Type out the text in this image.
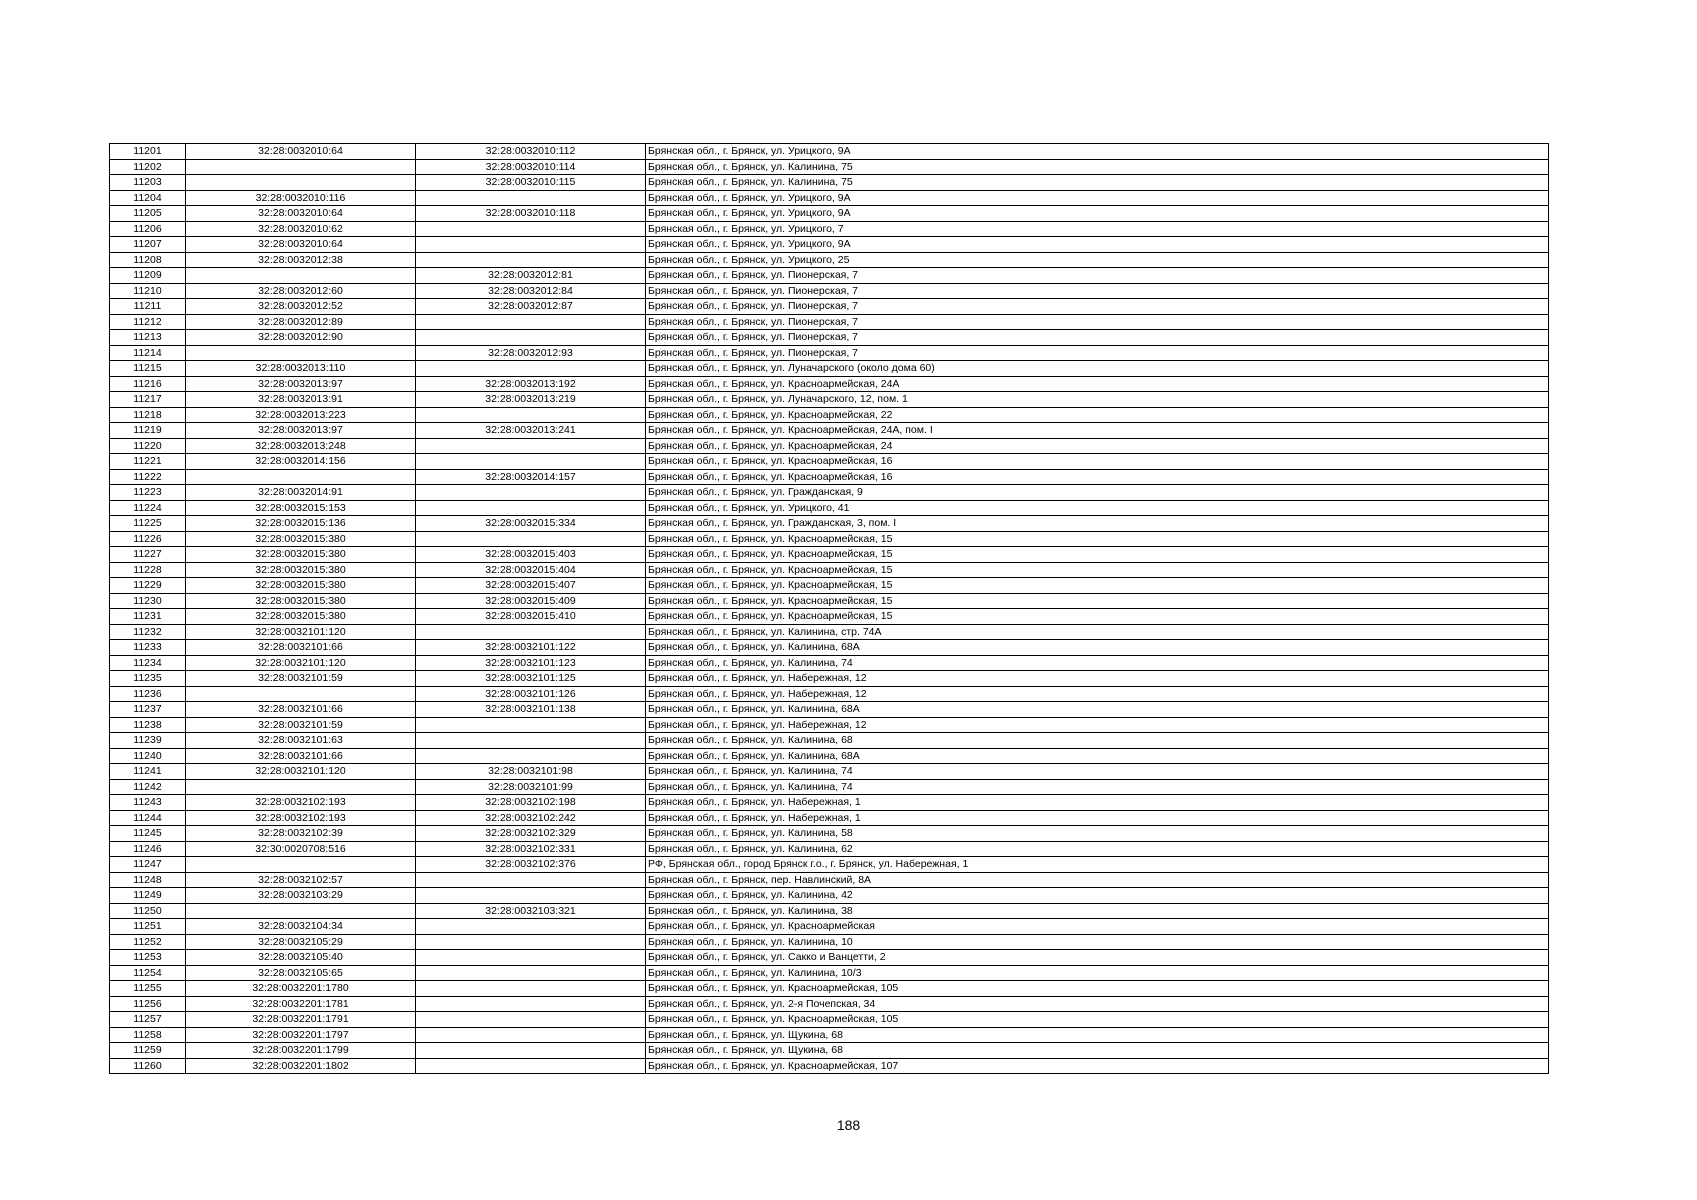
11201	32:28:0032010:64	32:28:0032010:112	Брянская обл., г. Брянск, ул. Урицкого, 9А
11202		32:28:0032010:114	Брянская обл., г. Брянск, ул. Калинина, 75
11203		32:28:0032010:115	Брянская обл., г. Брянск, ул. Калинина, 75
11204	32:28:0032010:116		Брянская обл., г. Брянск, ул. Урицкого, 9А
11205	32:28:0032010:64	32:28:0032010:118	Брянская обл., г. Брянск, ул. Урицкого, 9А
11206	32:28:0032010:62		Брянская обл., г. Брянск, ул. Урицкого, 7
11207	32:28:0032010:64		Брянская обл., г. Брянск, ул. Урицкого, 9А
11208	32:28:0032012:38		Брянская обл., г. Брянск, ул. Урицкого, 25
11209		32:28:0032012:81	Брянская обл., г. Брянск, ул. Пионерская, 7
11210	32:28:0032012:60	32:28:0032012:84	Брянская обл., г. Брянск, ул. Пионерская, 7
11211	32:28:0032012:52	32:28:0032012:87	Брянская обл., г. Брянск, ул. Пионерская, 7
11212	32:28:0032012:89		Брянская обл., г. Брянск, ул. Пионерская, 7
11213	32:28:0032012:90		Брянская обл., г. Брянск, ул. Пионерская, 7
11214		32:28:0032012:93	Брянская обл., г. Брянск, ул. Пионерская, 7
11215	32:28:0032013:110		Брянская обл., г. Брянск, ул. Луначарского (около дома 60)
11216	32:28:0032013:97	32:28:0032013:192	Брянская обл., г. Брянск, ул. Красноармейская, 24А
11217	32:28:0032013:91	32:28:0032013:219	Брянская обл., г. Брянск, ул. Луначарского, 12, пом. 1
11218	32:28:0032013:223		Брянская обл., г. Брянск, ул. Красноармейская, 22
11219	32:28:0032013:97	32:28:0032013:241	Брянская обл., г. Брянск, ул. Красноармейская, 24А, пом. I
11220	32:28:0032013:248		Брянская обл., г. Брянск, ул. Красноармейская, 24
11221	32:28:0032014:156		Брянская обл., г. Брянск, ул. Красноармейская, 16
11222		32:28:0032014:157	Брянская обл., г. Брянск, ул. Красноармейская, 16
11223	32:28:0032014:91		Брянская обл., г. Брянск, ул. Гражданская, 9
11224	32:28:0032015:153		Брянская обл., г. Брянск, ул. Урицкого, 41
11225	32:28:0032015:136	32:28:0032015:334	Брянская обл., г. Брянск, ул. Гражданская, 3, пом. I
11226	32:28:0032015:380		Брянская обл., г. Брянск, ул. Красноармейская, 15
11227	32:28:0032015:380	32:28:0032015:403	Брянская обл., г. Брянск, ул. Красноармейская, 15
11228	32:28:0032015:380	32:28:0032015:404	Брянская обл., г. Брянск, ул. Красноармейская, 15
11229	32:28:0032015:380	32:28:0032015:407	Брянская обл., г. Брянск, ул. Красноармейская, 15
11230	32:28:0032015:380	32:28:0032015:409	Брянская обл., г. Брянск, ул. Красноармейская, 15
11231	32:28:0032015:380	32:28:0032015:410	Брянская обл., г. Брянск, ул. Красноармейская, 15
11232	32:28:0032101:120		Брянская обл., г. Брянск, ул. Калинина, стр. 74А
11233	32:28:0032101:66	32:28:0032101:122	Брянская обл., г. Брянск, ул. Калинина, 68А
11234	32:28:0032101:120	32:28:0032101:123	Брянская обл., г. Брянск, ул. Калинина, 74
11235	32:28:0032101:59	32:28:0032101:125	Брянская обл., г. Брянск, ул. Набережная, 12
11236		32:28:0032101:126	Брянская обл., г. Брянск, ул. Набережная, 12
11237	32:28:0032101:66	32:28:0032101:138	Брянская обл., г. Брянск, ул. Калинина, 68А
11238	32:28:0032101:59		Брянская обл., г. Брянск, ул. Набережная, 12
11239	32:28:0032101:63		Брянская обл., г. Брянск, ул. Калинина, 68
11240	32:28:0032101:66		Брянская обл., г. Брянск, ул. Калинина, 68А
11241	32:28:0032101:120	32:28:0032101:98	Брянская обл., г. Брянск, ул. Калинина, 74
11242		32:28:0032101:99	Брянская обл., г. Брянск, ул. Калинина, 74
11243	32:28:0032102:193	32:28:0032102:198	Брянская обл., г. Брянск, ул. Набережная, 1
11244	32:28:0032102:193	32:28:0032102:242	Брянская обл., г. Брянск, ул. Набережная, 1
11245	32:28:0032102:39	32:28:0032102:329	Брянская обл., г. Брянск, ул. Калинина, 58
11246	32:30:0020708:516	32:28:0032102:331	Брянская обл., г. Брянск, ул. Калинина, 62
11247		32:28:0032102:376	РФ, Брянская обл., город Брянск г.о., г. Брянск, ул. Набережная, 1
11248	32:28:0032102:57		Брянская обл., г. Брянск, пер. Навлинский, 8А
11249	32:28:0032103:29		Брянская обл., г. Брянск, ул. Калинина, 42
11250		32:28:0032103:321	Брянская обл., г. Брянск, ул. Калинина, 38
11251	32:28:0032104:34		Брянская обл., г. Брянск, ул. Красноармейская
11252	32:28:0032105:29		Брянская обл., г. Брянск, ул. Калинина, 10
11253	32:28:0032105:40		Брянская обл., г. Брянск, ул. Сакко и Ванцетти, 2
11254	32:28:0032105:65		Брянская обл., г. Брянск, ул. Калинина, 10/3
11255	32:28:0032201:1780		Брянская обл., г. Брянск, ул. Красноармейская, 105
11256	32:28:0032201:1781		Брянская обл., г. Брянск, ул. 2-я Почепская, 34
11257	32:28:0032201:1791		Брянская обл., г. Брянск, ул. Красноармейская, 105
11258	32:28:0032201:1797		Брянская обл., г. Брянск, ул. Щукина, 68
11259	32:28:0032201:1799		Брянская обл., г. Брянск, ул. Щукина, 68
11260	32:28:0032201:1802		Брянская обл., г. Брянск, ул. Красноармейская, 107
188
